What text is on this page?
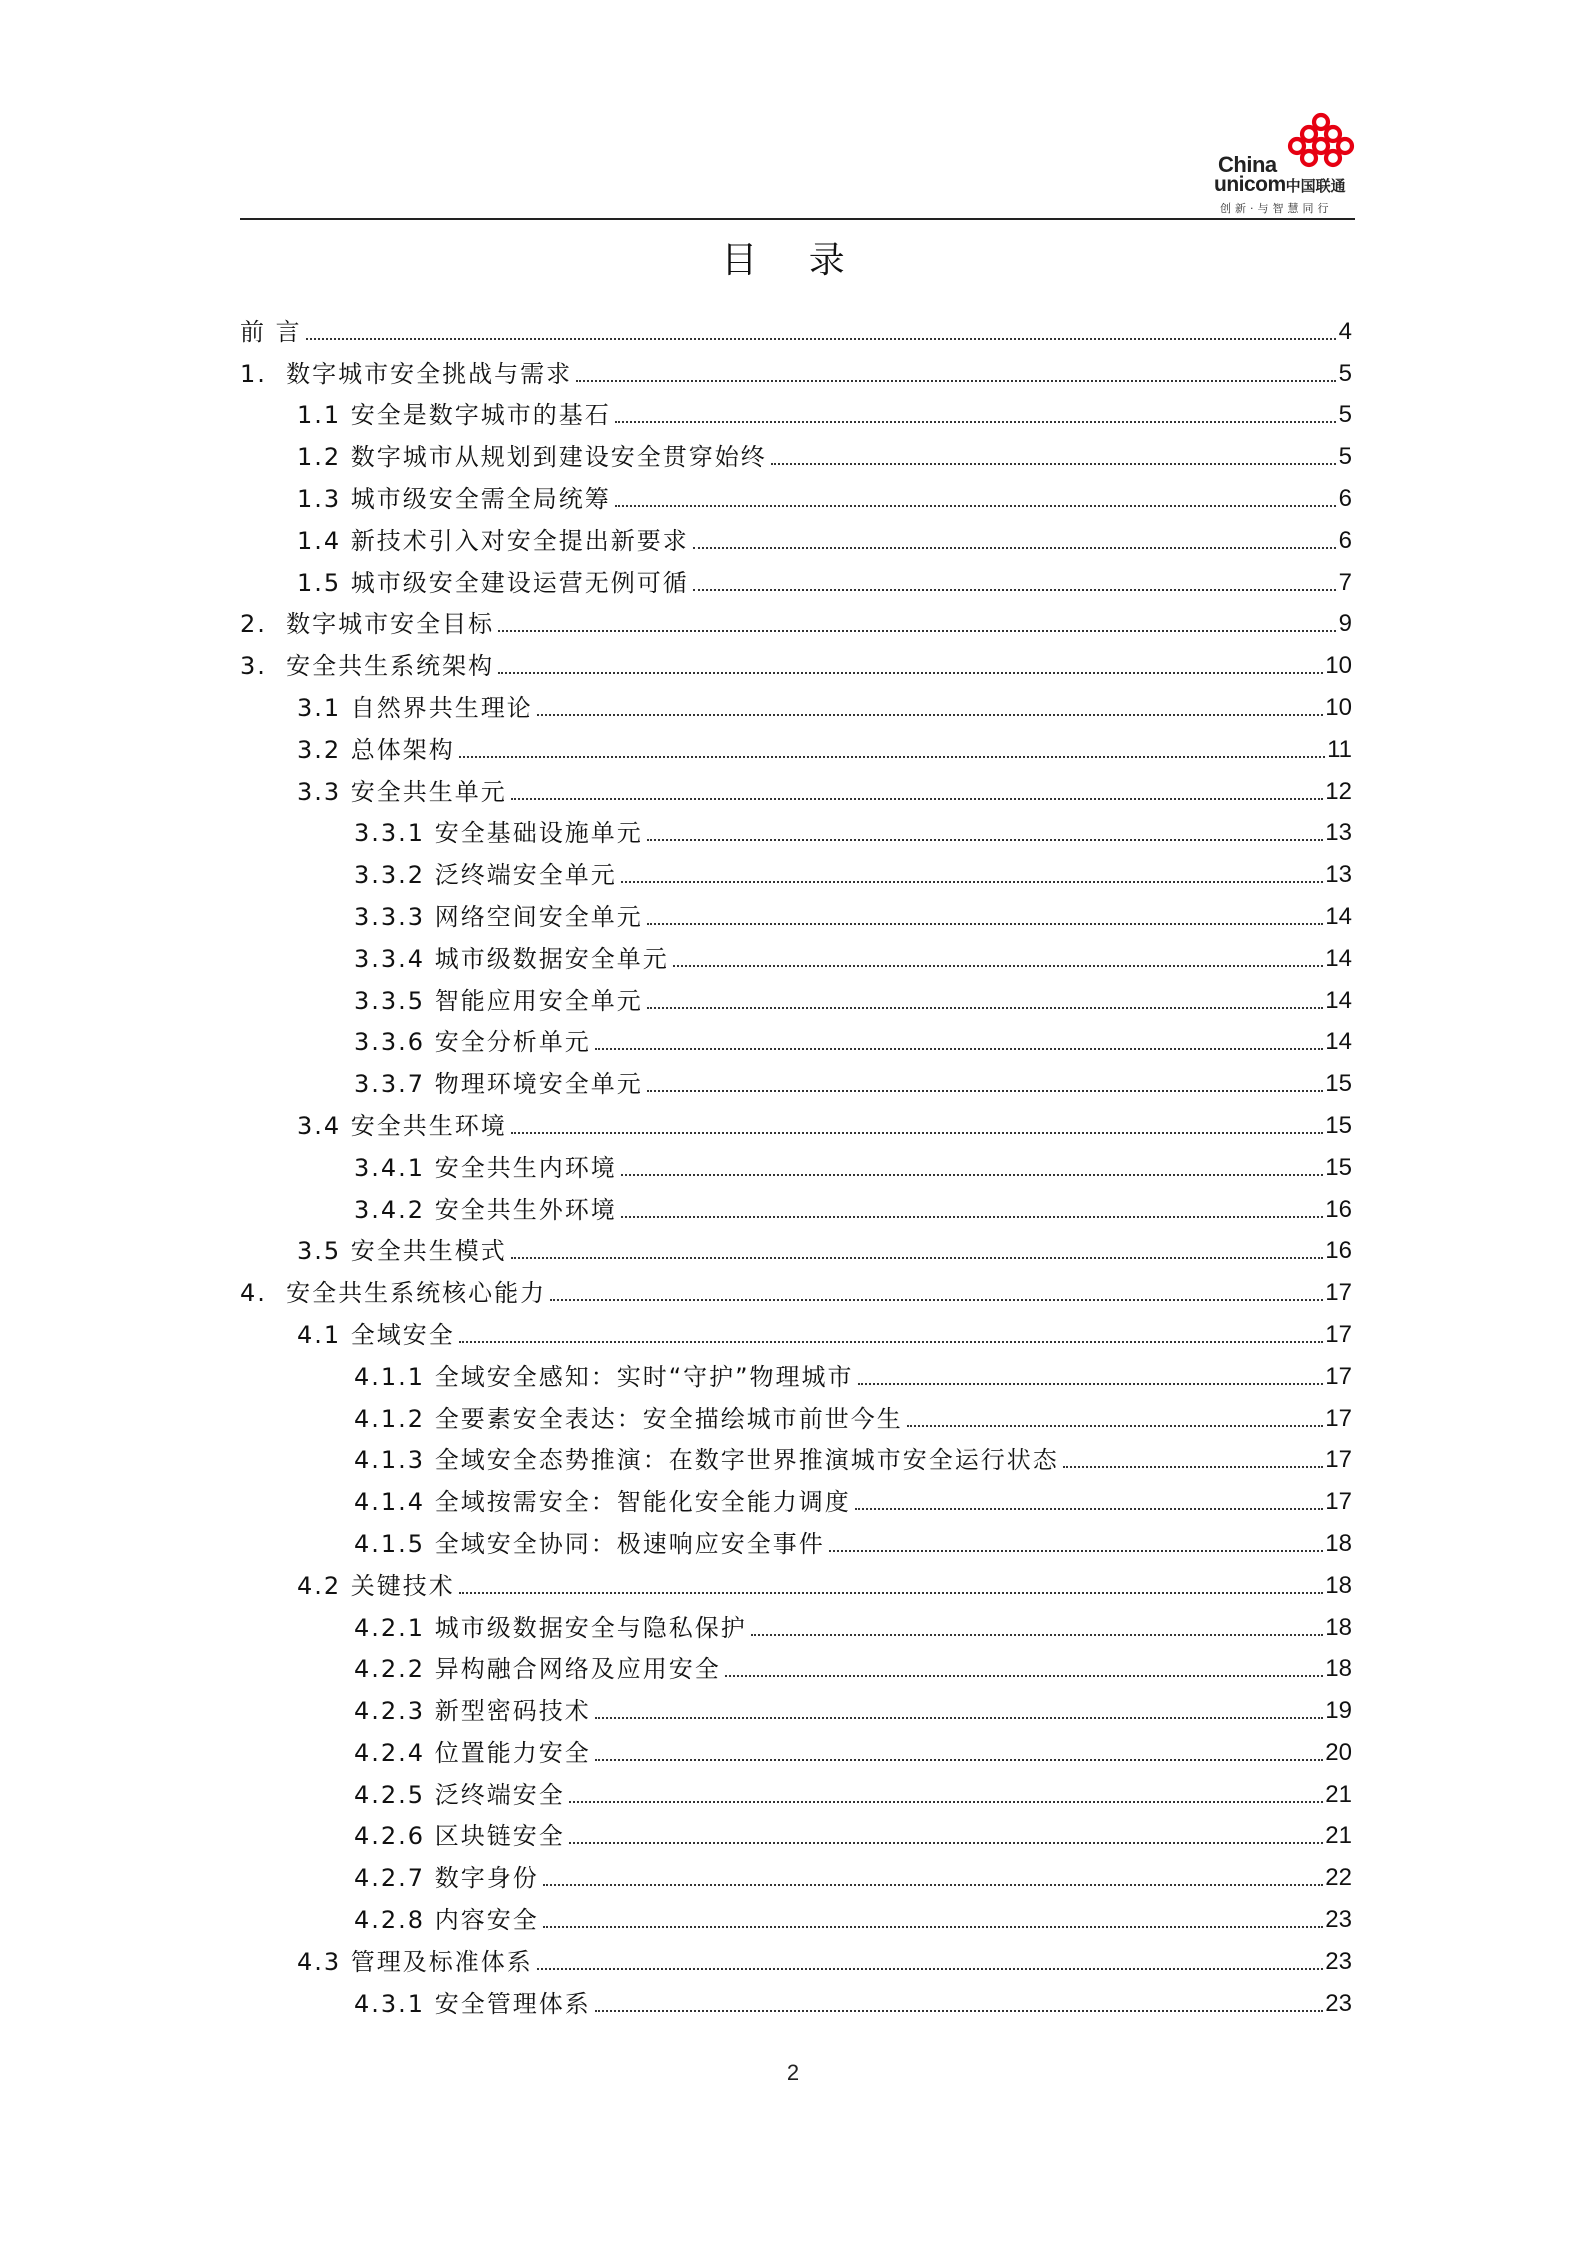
China
unicom中国联通
创新·与智慧同行
目 录
前 言	4
1.  数字城市安全挑战与需求	5
1.1 安全是数字城市的基石	5
1.2 数字城市从规划到建设安全贯穿始终	5
1.3 城市级安全需全局统筹	6
1.4 新技术引入对安全提出新要求	6
1.5 城市级安全建设运营无例可循	7
2.  数字城市安全目标	9
3.  安全共生系统架构	10
3.1 自然界共生理论	10
3.2 总体架构	11
3.3 安全共生单元	12
3.3.1 安全基础设施单元	13
3.3.2 泛终端安全单元	13
3.3.3 网络空间安全单元	14
3.3.4 城市级数据安全单元	14
3.3.5 智能应用安全单元	14
3.3.6 安全分析单元	14
3.3.7 物理环境安全单元	15
3.4 安全共生环境	15
3.4.1 安全共生内环境	15
3.4.2 安全共生外环境	16
3.5 安全共生模式	16
4.  安全共生系统核心能力	17
4.1 全域安全	17
4.1.1 全域安全感知：实时“守护”物理城市	17
4.1.2 全要素安全表达：安全描绘城市前世今生	17
4.1.3 全域安全态势推演：在数字世界推演城市安全运行状态	17
4.1.4 全域按需安全：智能化安全能力调度	17
4.1.5 全域安全协同：极速响应安全事件	18
4.2 关键技术	18
4.2.1 城市级数据安全与隐私保护	18
4.2.2 异构融合网络及应用安全	18
4.2.3 新型密码技术	19
4.2.4 位置能力安全	20
4.2.5 泛终端安全	21
4.2.6 区块链安全	21
4.2.7 数字身份	22
4.2.8 内容安全	23
4.3 管理及标准体系	23
4.3.1 安全管理体系	23
2
